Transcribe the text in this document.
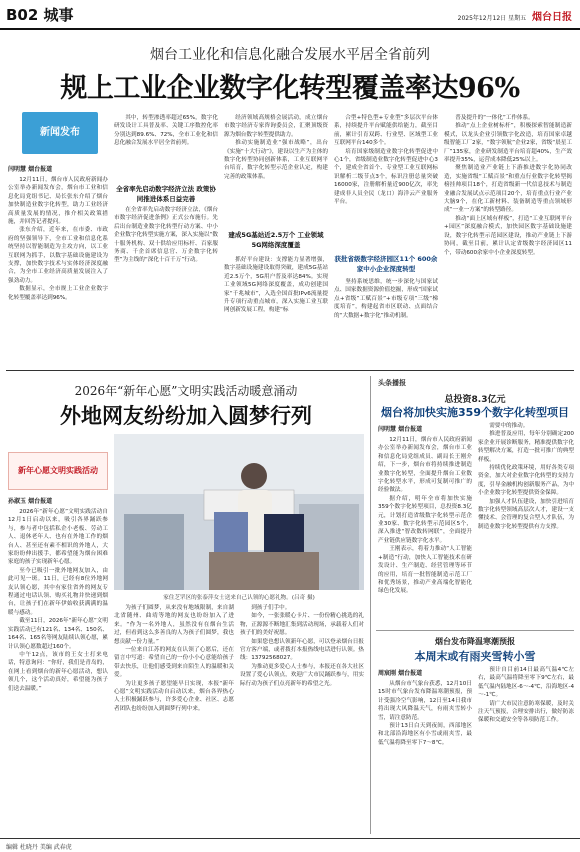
B02 城事	2025年12月12日 星期五 烟台日报
烟台工业化和信息化融合发展水平居全省前列
规上工业企业数字化转型覆盖率达96%
新闻发布
闫明慧 烟台报道

12月11日，烟台市人民政府新闻办公室举办新闻发布会，烟台市工业和信息化局党组书记、局长张东介绍了烟台加快制造业数字化转型，助力工业经济高质量发展的情况，推介相关政策措施，并回答记者提问。

张东介绍，近年来，在市委、市政府的坚强领导下，全市工业和信息化系统坚持以智能制造为主攻方向，以工业互联网为抓手，以数字基础设施建设为支撑，加快数字技术与实体经济深度融合，为全市工业经济高质量发展注入了强劲动力。

数据显示，全市规上工业企业数字化转型覆盖率达到96%。

其中，转型渗透率超过65%，数字化研发设计工具普及率、关键工序数控化率分别达到89.6%、72%，全市工业化和信息化融合发展水平居全省前列。

全省率先启动数字经济立法 政策协同推进体系日益完善

在全省率先启动数字经济立法，《烟台市数字经济促进条例》正式公布施行。先后出台制造业数字化转型行动方案、中小企业数字化转型实施方案，深入实施以“数十服务机构、双十供给应用标杆、百家服务商、千企首席信息官、万企数字化转型”为主线的“深化十百千万”行动。

经济领域高规格会展活动，成立烟台市数字经济专家咨询委员会，汇聚顶级资源为烟台数字转型提供助力。

推动实施制造业“强市战略”，出台《实施“十大行动”》，建设以生产为主体的数字化转型协同创新体系，工业互联网平台培育，数字化转型示范企业认定，构建完善的政策体系。

建成5G基站近2.5万个 工业领域5G网络深度覆盖

抓好平台建设：支撑能力显著增强，数字基础设施建设取得突破，建成5G基站近2.5万个，5G用户普及率达84%。实现工业领域5G网络深度覆盖，成功创建国家“千兆城市”，入选全国首批IPv6流量提升专项行动重点城市，深入实施工业互联网创新发展工程，构建“标

合型+特色型+专业型”多层次平台体系，持续提升平台赋能供给能力，截至目前，累计引育双跨、行业型、区域型工业互联网平台140多个。

培育国家级制造业数字化转型促进中心1个，省级制造业数字化转型促进中心3个，建成全省首个、专业型工业互联网标识解析二级节点3个，标识注册总量突破16000家，注册解析量近900亿次，率先建成非人员全民（龙口）海洋云产业服务平台。

获批省级数字经济园区11个 600余家中小企业深度转型

坚持系统思维，统一步深化与国家试点、国家数据资源价值挖掘，形成“国家试点+省级”工赋百景”+市级专项”三级“梯度培育”，构建起省市区联动、点面结合的“大数据+数字化”推动机制。

普及提升的“一体化”工作体系。

推动“点上企业树标杆”，积极探索智能制造新模式，以龙头企业引领数字化改造，培育国家卓越级智能工厂2家，“数字领航”企业2家，省级“晨星工厂”135家，企业研发制造平台培育超40%，生产效率提升35%，运营成本降低25%以上。

聚焦制造业产业链上下游推进数字化协同改造，实施省级“工赋百景”和重点行业数字化转型揭榜挂帅项目18个，打造省级新一代信息技术与制造业融合发展试点示范项目20个，培育重点行业产业大脑9个，在化工新材料、装备制造等重点领域形成“一业一方案”的转型路径。

推动“面上区域有样板”，打造“工业互联网平台+园区”深度融合模式，加快园区数字基础设施建设，数字化转型示范园区建设，推动产业链上下游协同，截至目前，累计认定省级数字经济园区11个，带动600余家中小企业深度转型。

2026年“新年心愿”文明实践活动暖意涌动
外地网友纷纷加入圆梦行列
新年心愿文明实践活动
家住芝罘区的张泰萍女士送来自己认领的心愿礼物。(吕奇 摄)
孙淑玉 烟台报道

2026年“新年心愿”文明实践活动自12月1日启动以来，吸引各界踊跃参与，参与者中包括私企小老板、劳动工人、退休老年人、也有在外地工作的烟台人、甚至还有素不相识的外地人，大家纷纷伸出援手，都希望能为烟台困难家庭的孩子实现新年心愿。

至今已吸引一批外地网友加入，由此可见一斑。11日，已经有8位外地网友认领心愿，其中有家住省外的网友专程通过电话认领、购买礼物并快递到烟台，让孩子们在新年伊始收获满满的温暖与感动。

截至11日，2026年“新年心愿”文明实践活动已有121名、134名、150名、164名、165名等网友陆续认领心愿，累计认领心愿数超过160个。

中午12点，该市的王女士打来电话，特意询问：“你好，我们是青岛的，在网上看到烟台的新年心愿活动，想认领几个，这个活动真好，希望能为孩子们送去温暖。”

为孩子们圆梦，从来没有地域限制，来自湖北省随州、曲靖等地的网友也纷纷加入了进来。“作为一名外地人，虽然没有在烟台生活过，但看到这么多善良的人为孩子们圆梦，我也想贡献一份力量。”

一位来自江苏的网友在认领了心愿后，还在留言中写道：希望自己的一份小小心意能给孩子带去快乐，让他们感受到来自陌生人的温暖和关爱。

为让更多孩子愿望能早日实现，本报“新年心愿”文明实践活动自启动以来，烟台各界热心人士积极踊跃参与，许多爱心企业、社区、志愿者团队也纷纷加入到圆梦行列中来。

到孩子们手中。

如今，一张张暖心卡片、一份份精心挑选的礼物，正源源不断地汇集到活动现场，承载着人们对孩子们的美好祝愿。

如果您也想认领新年心愿，可以登录烟台日报官方客户端，或者拨打本报热线电话进行认领。热线：13792568027。

为推动更多爱心人士参与，本报还在各大社区设置了爱心认领点，欢迎广大市民踊跃参与，用实际行动为孩子们点亮新年的希望之光。

头条播报
总投资8.3亿元
烟台将加快实施359个数字化转型项目
闫明慧 烟台报道

12月11日，烟台市人民政府新闻办公室举办新闻发布会，烟台市工业和信息化局党组成员、副局长王刚介绍，下一步，烟台市将持续推进制造业数字化转型，全面提升烟台工业数字化转型水平，形成可复制可推广的经验做法。

据介绍，明年全市将加快实施359个数字化转型项目，总投资8.3亿元，计划打造省级数字化转型示范企业30家、数字化转型示范园区5个，深入推进“智改数转网联”，全面提升产业链供应链数字化水平。

王刚表示，将着力推动“人工智能+制造”行动，加快人工智能技术在研发设计、生产制造、经营管理等环节的应用，培育一批智能制造示范工厂和优秀场景，推动产业高端化智能化绿色化发展。

需要中的推动。

推进普及应用，每年分别确定200家企业开展诊断服务，精准提供数字化转型解决方案，打造一批可推广的典型样板。

持续优化政策环境，用好各类专项资金，加大对企业数字化转型的支持力度，引导金融机构创新服务产品，为中小企业数字化转型提供资金保障。

加强人才队伍建设，加快引进培育数字化转型领域高层次人才，建设一支懂技术、会管理的复合型人才队伍，为制造业数字化转型提供有力支撑。

烟台发布降温寒潮预报
本周末或有雨夹雪转小雪
周宸刚 烟台报道

从烟台市气象台获悉，12月10日15时市气象台发布降温寒潮预报，预计受强冷空气影响，12日至14日我市将出现大风降温天气，有雨夹雪转小雪，请注意防范。

预计13日白天到夜间，西部地区和北部沿海地区有小雪或雨夹雪，最低气温将降至零下7～8℃。

预计自目前14日最高气温4℃左右，最高气温将降至零下9℃左右，最低气温内陆地区-6～-4℃，沿海地区-4～-1℃。

请广大市民注意防寒保暖，及时关注天气预报，合理安排出行，做好防冻保暖和交通安全等各项防范工作。

编辑 杜晓丹 美编 武春虎
